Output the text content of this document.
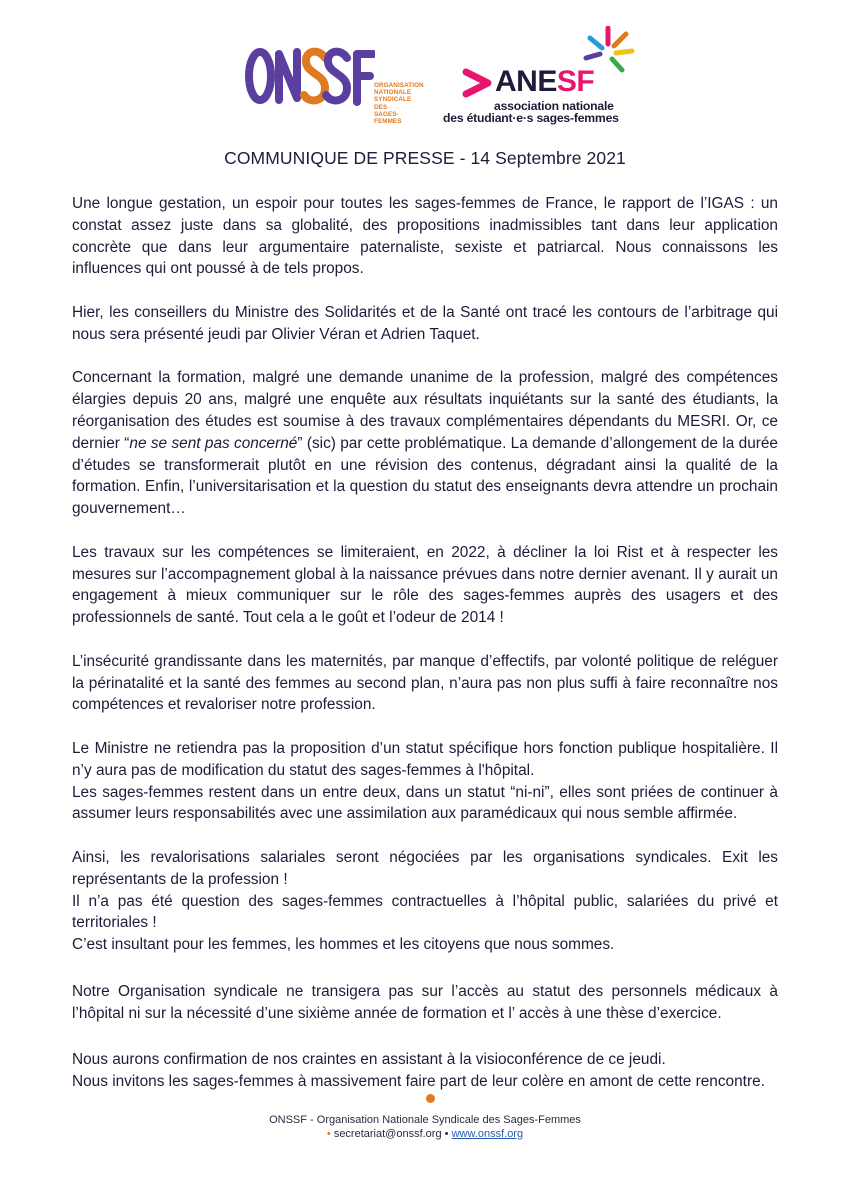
ORGANISATION
NATIONALE
SYNDICALE DES
SAGES-FEMMES
ANESF
association nationale
des étudiant·e·s sages-femmes
COMMUNIQUE DE PRESSE - 14 Septembre 2021

Une longue gestation, un espoir pour toutes les sages-femmes de France, le rapport de l’IGAS : un constat assez juste dans sa globalité, des propositions inadmissibles tant dans leur application concrète que dans leur argumentaire paternaliste, sexiste et patriarcal. Nous connaissons les influences qui ont poussé à de tels propos.

Hier, les conseillers du Ministre des Solidarités et de la Santé ont tracé les contours de l’arbitrage qui nous sera présenté jeudi par Olivier Véran et Adrien Taquet.

Concernant la formation, malgré une demande unanime de la profession, malgré des compétences élargies depuis 20 ans, malgré une enquête aux résultats inquiétants sur la santé des étudiants, la réorganisation des études est soumise à des travaux complémentaires dépendants du MESRI. Or, ce dernier “ne se sent pas concerné” (sic) par cette problématique. La demande d’allongement de la durée d’études se transformerait plutôt en une révision des contenus, dégradant ainsi la qualité de la formation. Enfin, l’universitarisation et la question du statut des enseignants devra attendre un prochain gouvernement…

Les travaux sur les compétences se limiteraient, en 2022, à décliner la loi Rist et à respecter les mesures sur l’accompagnement global à la naissance prévues dans notre dernier avenant. Il y aurait un engagement à mieux communiquer sur le rôle des sages-femmes auprès des usagers et des professionnels de santé. Tout cela a le goût et l’odeur de 2014 !

L’insécurité grandissante dans les maternités, par manque d’effectifs, par volonté politique de reléguer la périnatalité et la santé des femmes au second plan, n’aura pas non plus suffi à faire reconnaître nos compétences et revaloriser notre profession.

Le Ministre ne retiendra pas la proposition d’un statut spécifique hors fonction publique hospitalière. Il n’y aura pas de modification du statut des sages-femmes à l'hôpital.

Les sages-femmes restent dans un entre deux, dans un statut “ni-ni”, elles sont priées de continuer à assumer leurs responsabilités avec une assimilation aux paramédicaux qui nous semble affirmée.

Ainsi, les revalorisations salariales seront négociées par les organisations syndicales. Exit les représentants de la profession !

Il n’a pas été question des sages-femmes contractuelles à l’hôpital public, salariées du privé et territoriales !

C’est insultant pour les femmes, les hommes et les citoyens que nous sommes.

Notre Organisation syndicale ne transigera pas sur l’accès au statut des personnels médicaux à l’hôpital ni sur la nécessité d’une sixième année de formation et l’ accès à une thèse d’exercice.

Nous aurons confirmation de nos craintes en assistant à la visioconférence de ce jeudi.

Nous invitons les sages-femmes à massivement faire part de leur colère en amont de cette rencontre.

ONSSF - Organisation Nationale Syndicale des Sages-Femmes
• secretariat@onssf.org • www.onssf.org
